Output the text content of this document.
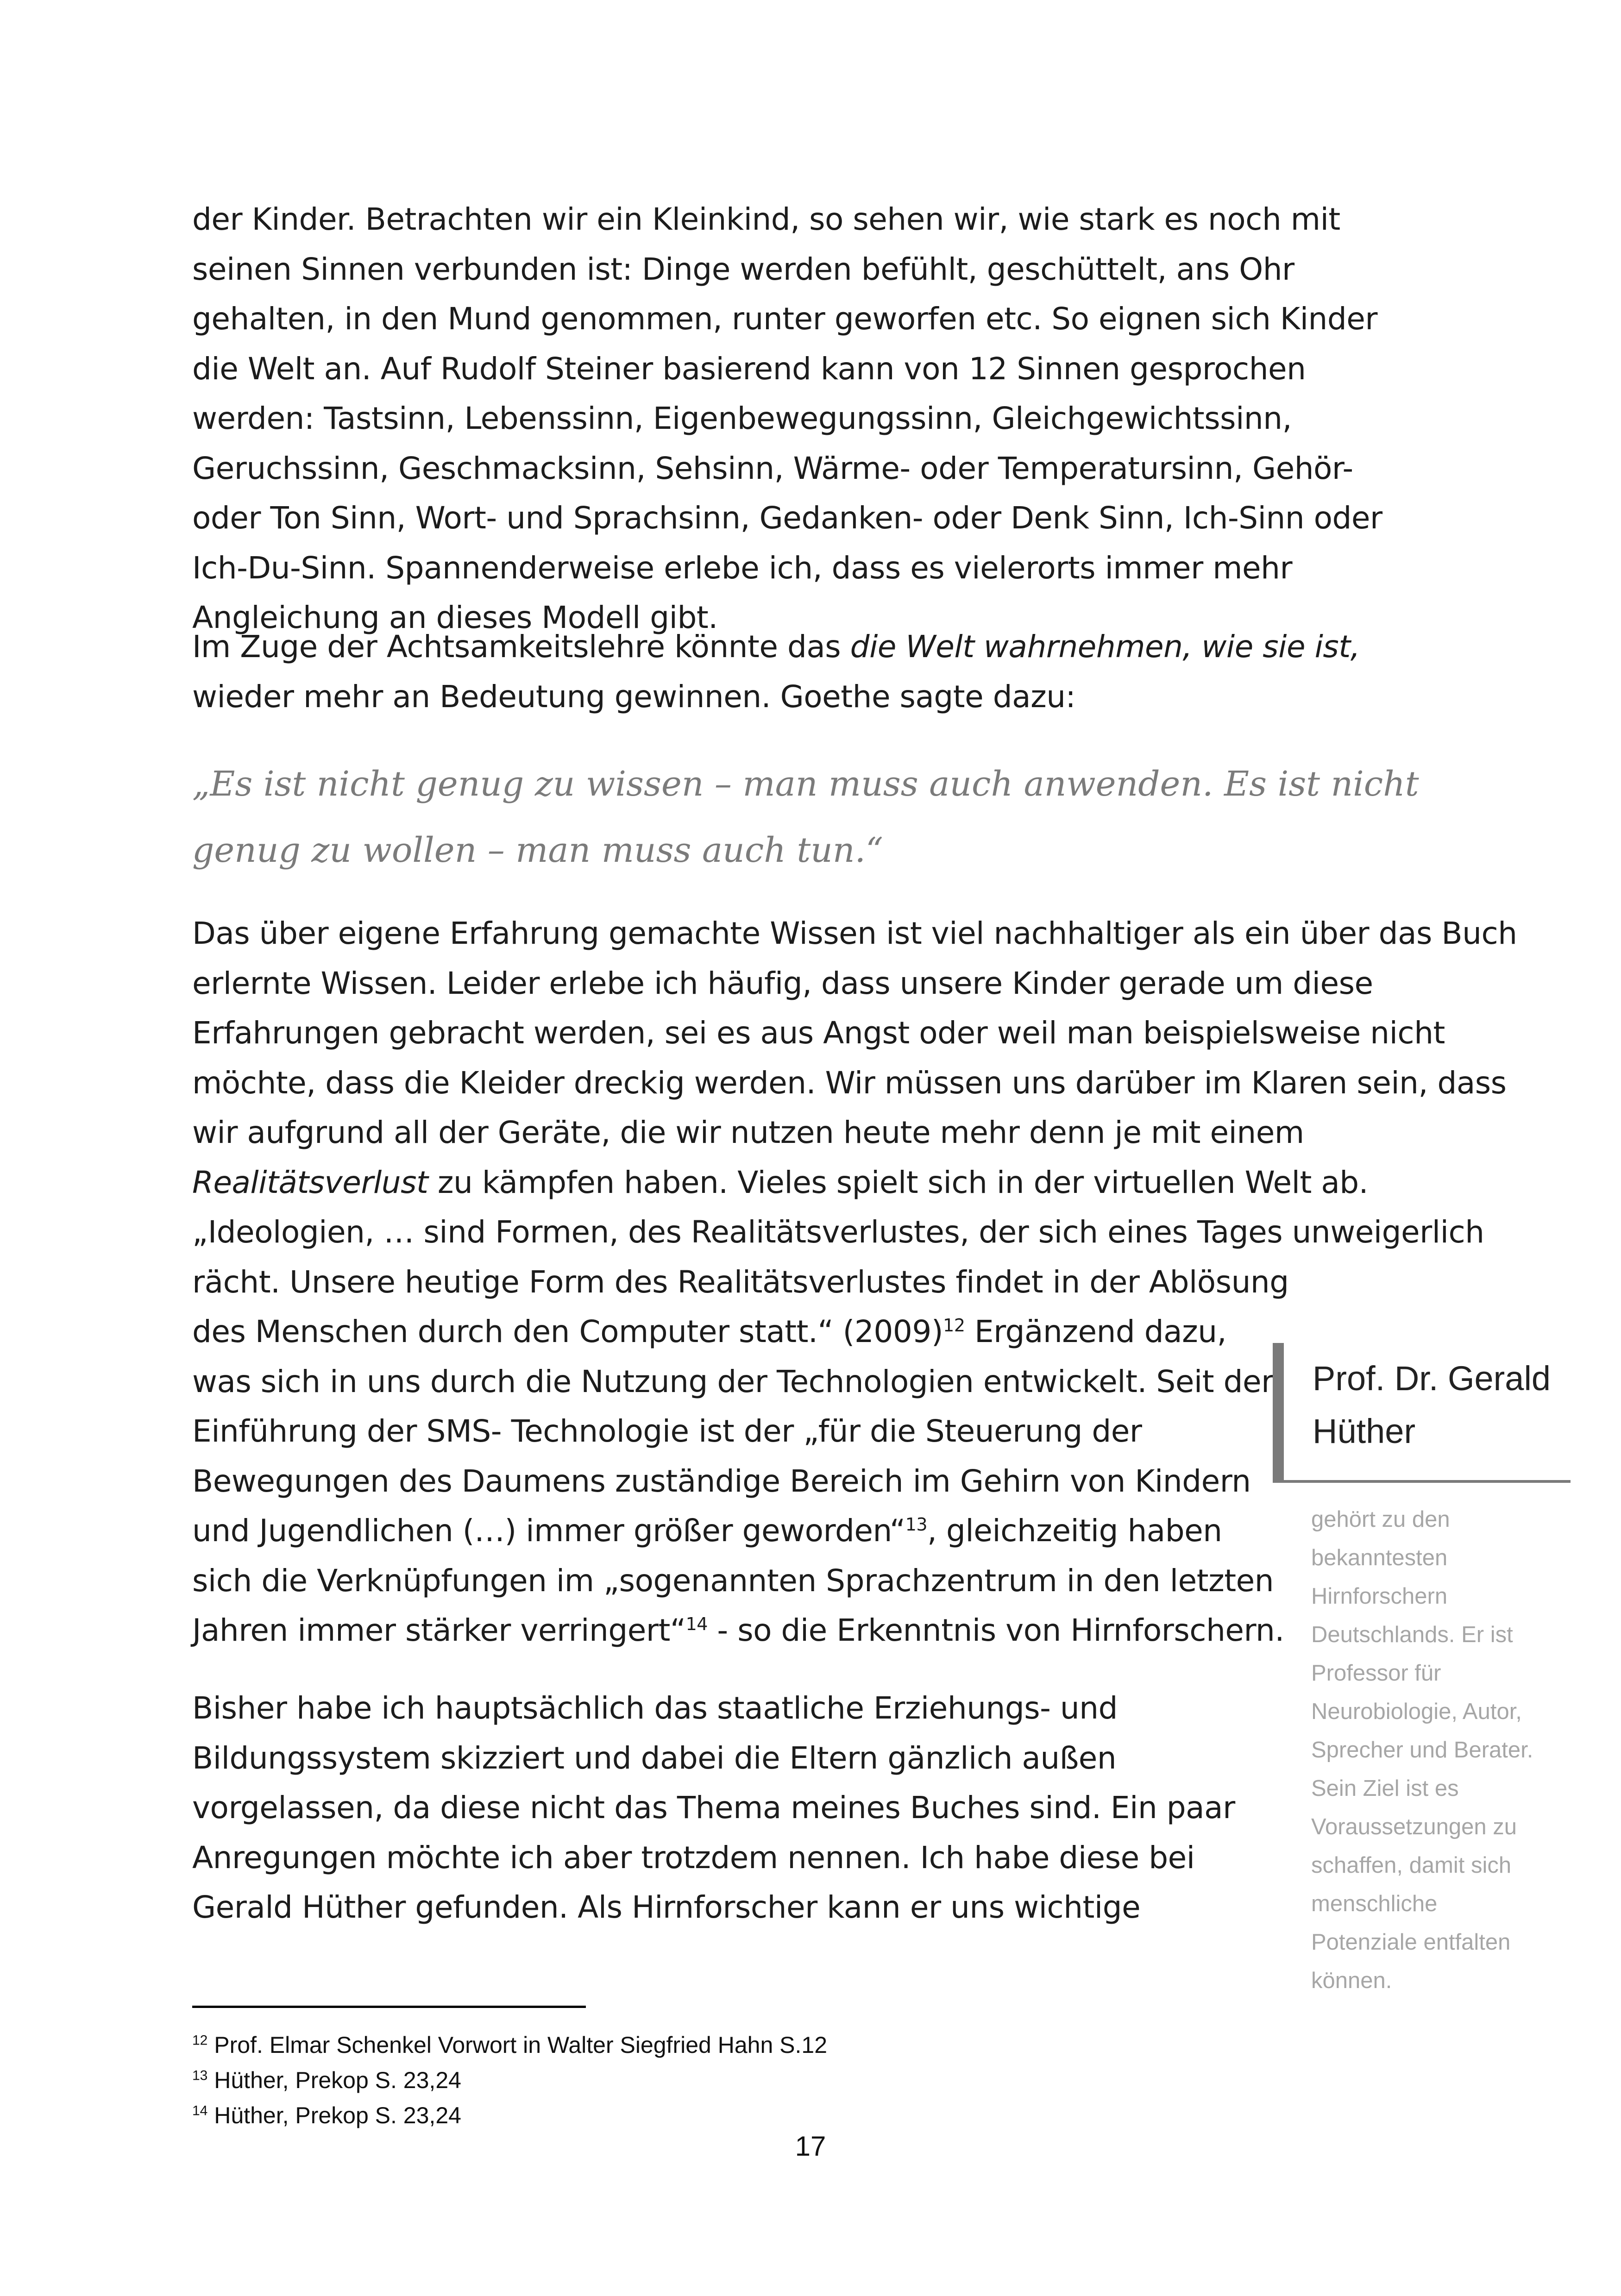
der Kinder. Betrachten wir ein Kleinkind, so sehen wir, wie stark es noch mit seinen Sinnen verbunden ist: Dinge werden befühlt, geschüttelt, ans Ohr gehalten, in den Mund genommen, runter geworfen etc. So eignen sich Kinder die Welt an. Auf Rudolf Steiner basierend kann von 12 Sinnen gesprochen werden: Tastsinn, Lebenssinn, Eigenbewegungssinn, Gleichgewichtssinn, Geruchssinn, Geschmacksinn, Sehsinn, Wärme- oder Temperatursinn, Gehör- oder Ton Sinn, Wort- und Sprachsinn, Gedanken- oder Denk Sinn, Ich-Sinn oder Ich-Du-Sinn. Spannenderweise erlebe ich, dass es vielerorts immer mehr Angleichung an dieses Modell gibt.

Im Zuge der Achtsamkeitslehre könnte das die Welt wahrnehmen, wie sie ist, wieder mehr an Bedeutung gewinnen. Goethe sagte dazu:

„Es ist nicht genug zu wissen – man muss auch anwenden. Es ist nicht genug zu wollen – man muss auch tun.“
Das über eigene Erfahrung gemachte Wissen ist viel nachhaltiger als ein über das Buch
erlernte Wissen. Leider erlebe ich häufig, dass unsere Kinder gerade um diese
Erfahrungen gebracht werden, sei es aus Angst oder weil man beispielsweise nicht
möchte, dass die Kleider dreckig werden. Wir müssen uns darüber im Klaren sein, dass
wir aufgrund all der Geräte, die wir nutzen heute mehr denn je mit einem
Realitätsverlust zu kämpfen haben. Vieles spielt sich in der virtuellen Welt ab.
„Ideologien, … sind Formen, des Realitätsverlustes, der sich eines Tages unweigerlich
rächt. Unsere heutige Form des Realitätsverlustes findet in der Ablösung
des Menschen durch den Computer statt.“ $(2009)^{12}$ Ergänzend dazu,
was sich in uns durch die Nutzung der Technologien entwickelt. Seit der
Einführung der SMS- Technologie ist der „für die Steuerung der
Bewegungen des Daumens zuständige Bereich im Gehirn von Kindern
und Jugendlichen (…) immer größer geworden“$^{13}$, gleichzeitig haben
sich die Verknüpfungen im „sogenannten Sprachzentrum in den letzten
Jahren immer stärker verringert“$^{14}$ - so die Erkenntnis von Hirnforschern.
Bisher habe ich hauptsächlich das staatliche Erziehungs- und
Bildungssystem skizziert und dabei die Eltern gänzlich außen
vorgelassen, da diese nicht das Thema meines Buches sind. Ein paar
Anregungen möchte ich aber trotzdem nennen. Ich habe diese bei
Gerald Hüther gefunden. Als Hirnforscher kann er uns wichtige
Prof. Dr. Gerald Hüther
gehört zu den
bekanntesten
Hirnforschern
Deutschlands. Er ist
Professor für
Neurobiologie, Autor,
Sprecher und Berater.
Sein Ziel ist es
Voraussetzungen zu
schaffen, damit sich
menschliche
Potenziale entfalten
können.
$^{12}$ Prof. Elmar Schenkel Vorwort in Walter Siegfried Hahn S.12
$^{13}$ Hüther, Prekop S. 23,24
$^{14}$ Hüther, Prekop S. 23,24
17
